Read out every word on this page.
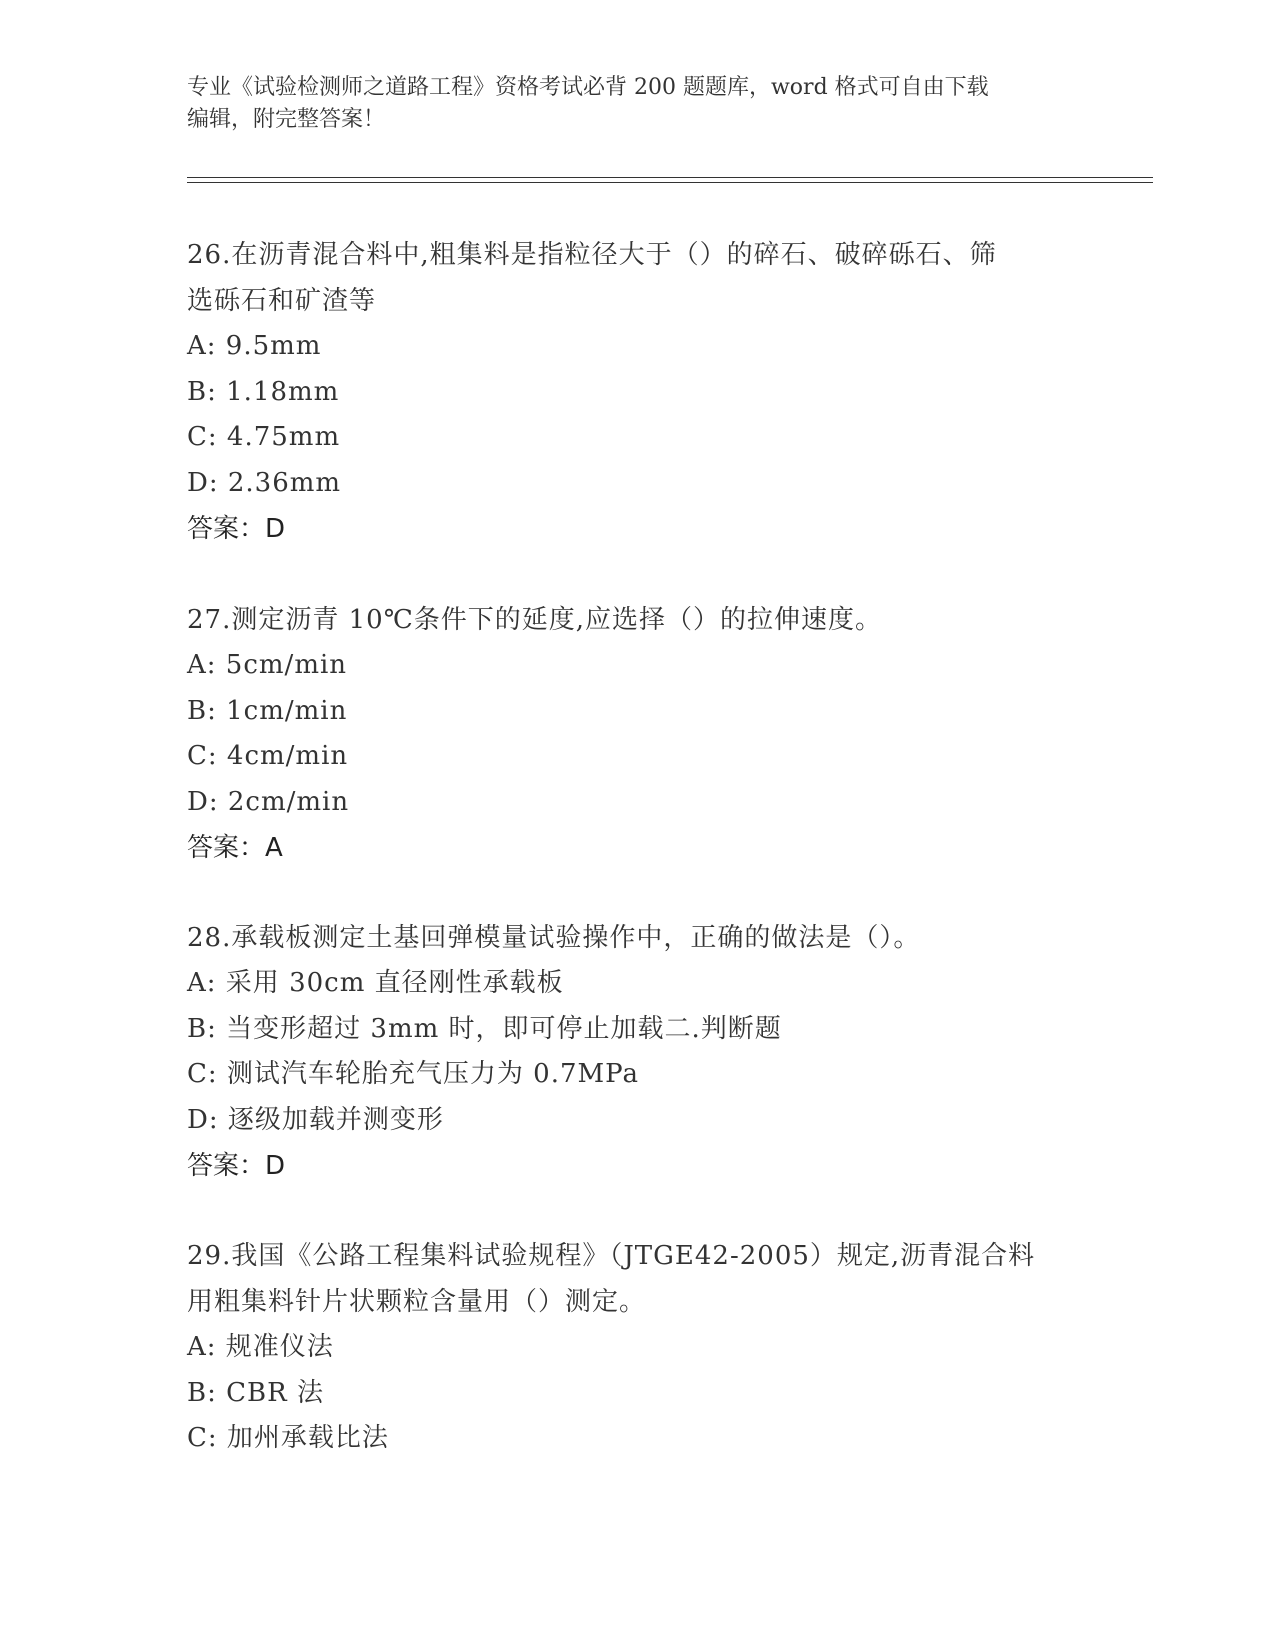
专业《试验检测师之道路工程》资格考试必背 200 题题库，word 格式可自由下载
编辑，附完整答案！
26.在沥青混合料中,粗集料是指粒径大于（）的碎石、破碎砾石、筛
选砾石和矿渣等
A: 9.5mm
B: 1.18mm
C: 4.75mm
D: 2.36mm
答案：D
27.测定沥青 10℃条件下的延度,应选择（）的拉伸速度。
A: 5cm/min
B: 1cm/min
C: 4cm/min
D: 2cm/min
答案：A
28.承载板测定土基回弹模量试验操作中，正确的做法是（）。
A: 采用 30cm 直径刚性承载板
B: 当变形超过 3mm 时，即可停止加载二.判断题
C: 测试汽车轮胎充气压力为 0.7MPa
D: 逐级加载并测变形
答案：D
29.我国《公路工程集料试验规程》（JTGE42-2005）规定,沥青混合料
用粗集料针片状颗粒含量用（）测定。
A: 规准仪法
B: CBR 法
C: 加州承载比法
